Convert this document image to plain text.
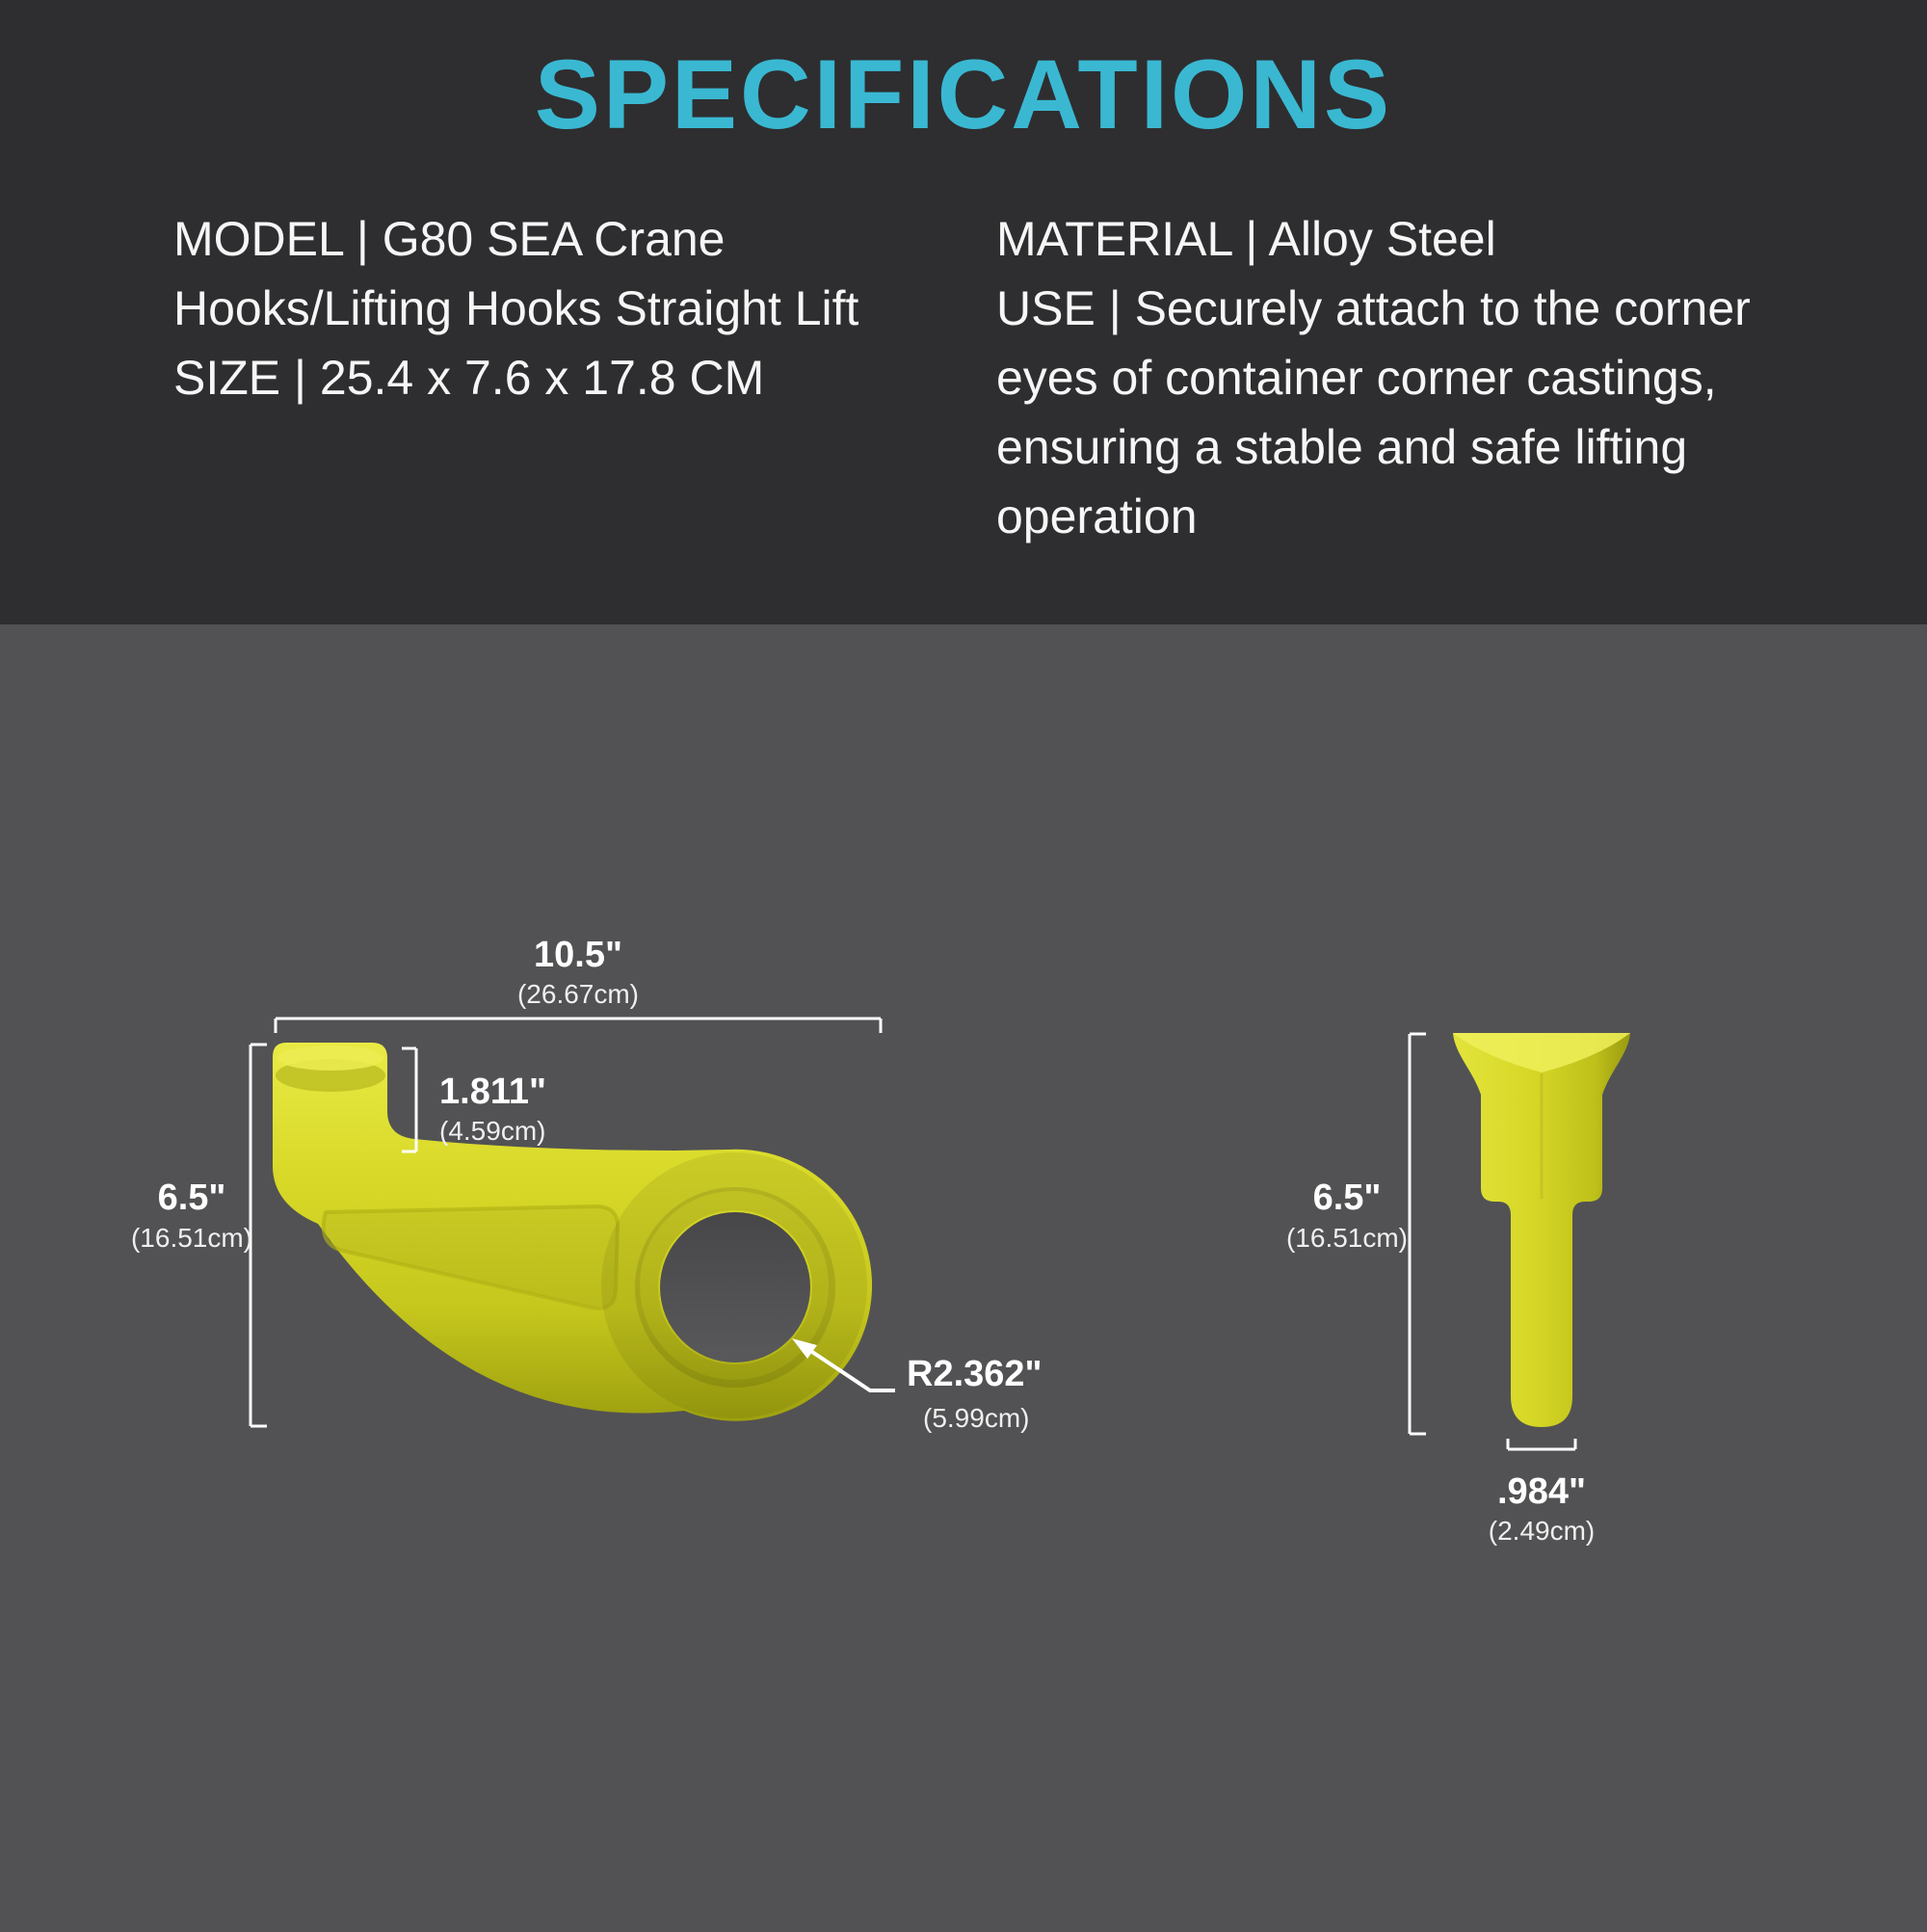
SPECIFICATIONS

MODEL | G80 SEA Crane Hooks/Lifting Hooks Straight Lift

SIZE | 25.4 x 7.6 x 17.8 CM

MATERIAL | Alloy Steel

USE | Securely attach to the corner eyes of container corner castings, ensuring a stable and safe lifting operation

10.5"
(26.67cm)
6.5"
(16.51cm)
1.811"
(4.59cm)
R2.362"
(5.99cm)
6.5"
(16.51cm)
.984"
(2.49cm)
